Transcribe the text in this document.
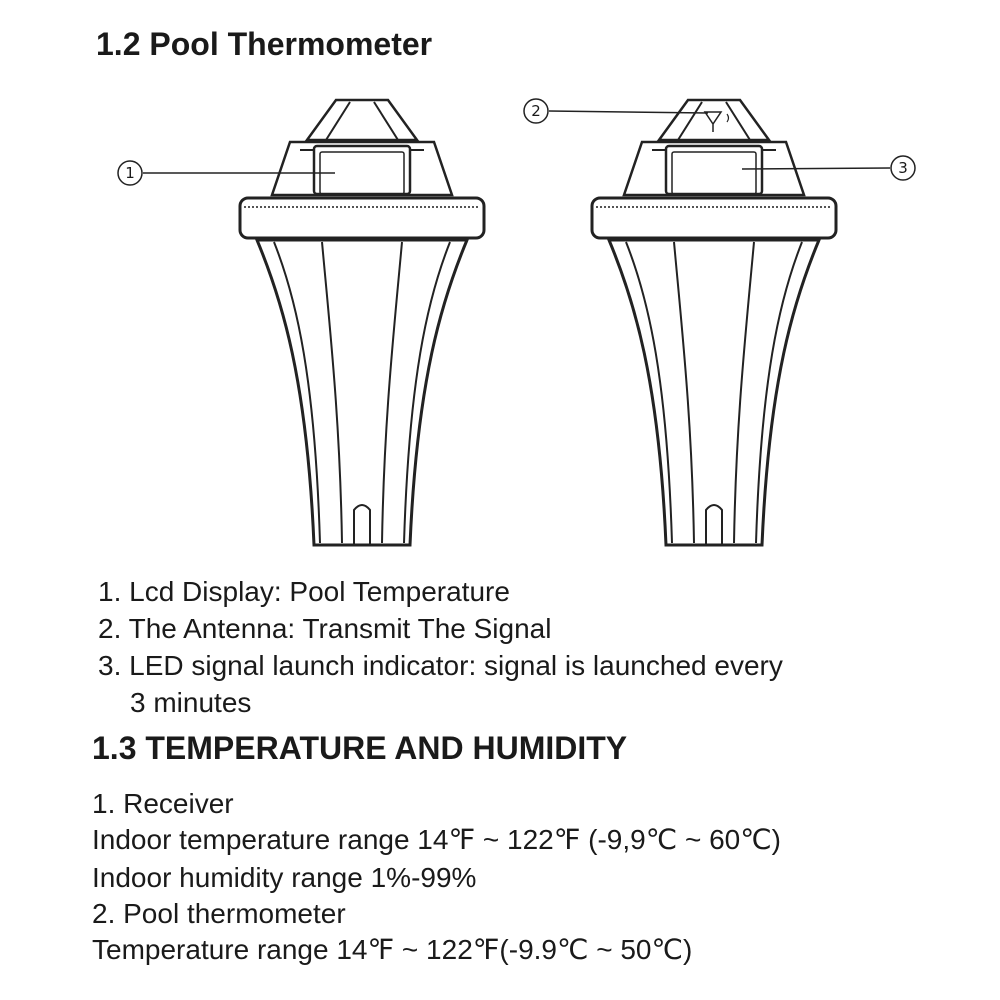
1.2 Pool Thermometer
1
2
3

1. Lcd Display: Pool Temperature

2. The Antenna: Transmit The Signal

3. LED signal launch indicator: signal is launched every

3 minutes

1.3 TEMPERATURE AND HUMIDITY

1. Receiver

Indoor temperature range 14℉ ~ 122℉ (-9,9℃ ~ 60℃)

Indoor humidity range 1%-99%

2. Pool thermometer

Temperature range 14℉ ~ 122℉(-9.9℃ ~ 50℃)
